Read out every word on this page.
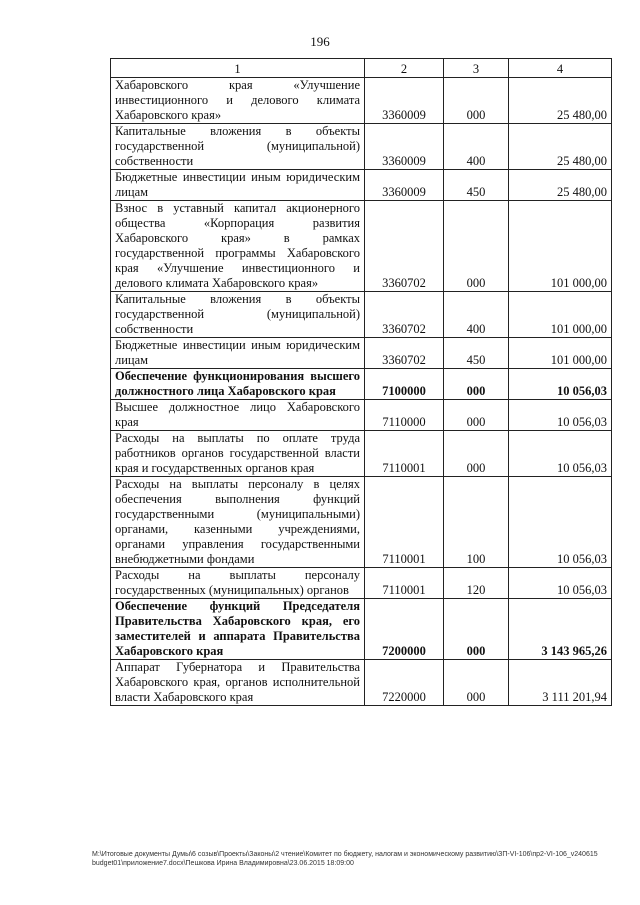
196
1	2	3	4
Хабаровского края «Улучшение инвестиционного и делового климата Хабаровского края»	3360009	000	25 480,00
Капитальные вложения в объекты государственной (муниципальной) собственности	3360009	400	25 480,00
Бюджетные инвестиции иным юридическим лицам	3360009	450	25 480,00
Взнос в уставный капитал акционерного общества «Корпорация развития Хабаровского края» в рамках государственной программы Хабаровского края «Улучшение инвестиционного и делового климата Хабаровского края»	3360702	000	101 000,00
Капитальные вложения в объекты государственной (муниципальной) собственности	3360702	400	101 000,00
Бюджетные инвестиции иным юридическим лицам	3360702	450	101 000,00
Обеспечение функционирования высшего должностного лица Хабаровского края	7100000	000	10 056,03
Высшее должностное лицо Хабаровского края	7110000	000	10 056,03
Расходы на выплаты по оплате труда работников органов государственной власти края и государственных органов края	7110001	000	10 056,03
Расходы на выплаты персоналу в целях обеспечения выполнения функций государственными (муниципальными) органами, казенными учреждениями, органами управления государственными внебюджетными фондами	7110001	100	10 056,03
Расходы на выплаты персоналу государственных (муниципальных) органов	7110001	120	10 056,03
Обеспечение функций Председателя Правительства Хабаровского края, его заместителей и аппарата Правительства Хабаровского края	7200000	000	3 143 965,26
Аппарат Губернатора и Правительства Хабаровского края, органов исполнительной власти Хабаровского края	7220000	000	3 111 201,94
М:\Итоговые документы Думы\6 созыв\Проекты\Законы\2 чтение\Комитет по бюджету, налогам и экономическому развитию\ЗП-VI-106\пр2-VI-106_v240615 budget01\приложение7.docx\Пешкова Ирина Владимировна\23.06.2015 18:09:00
